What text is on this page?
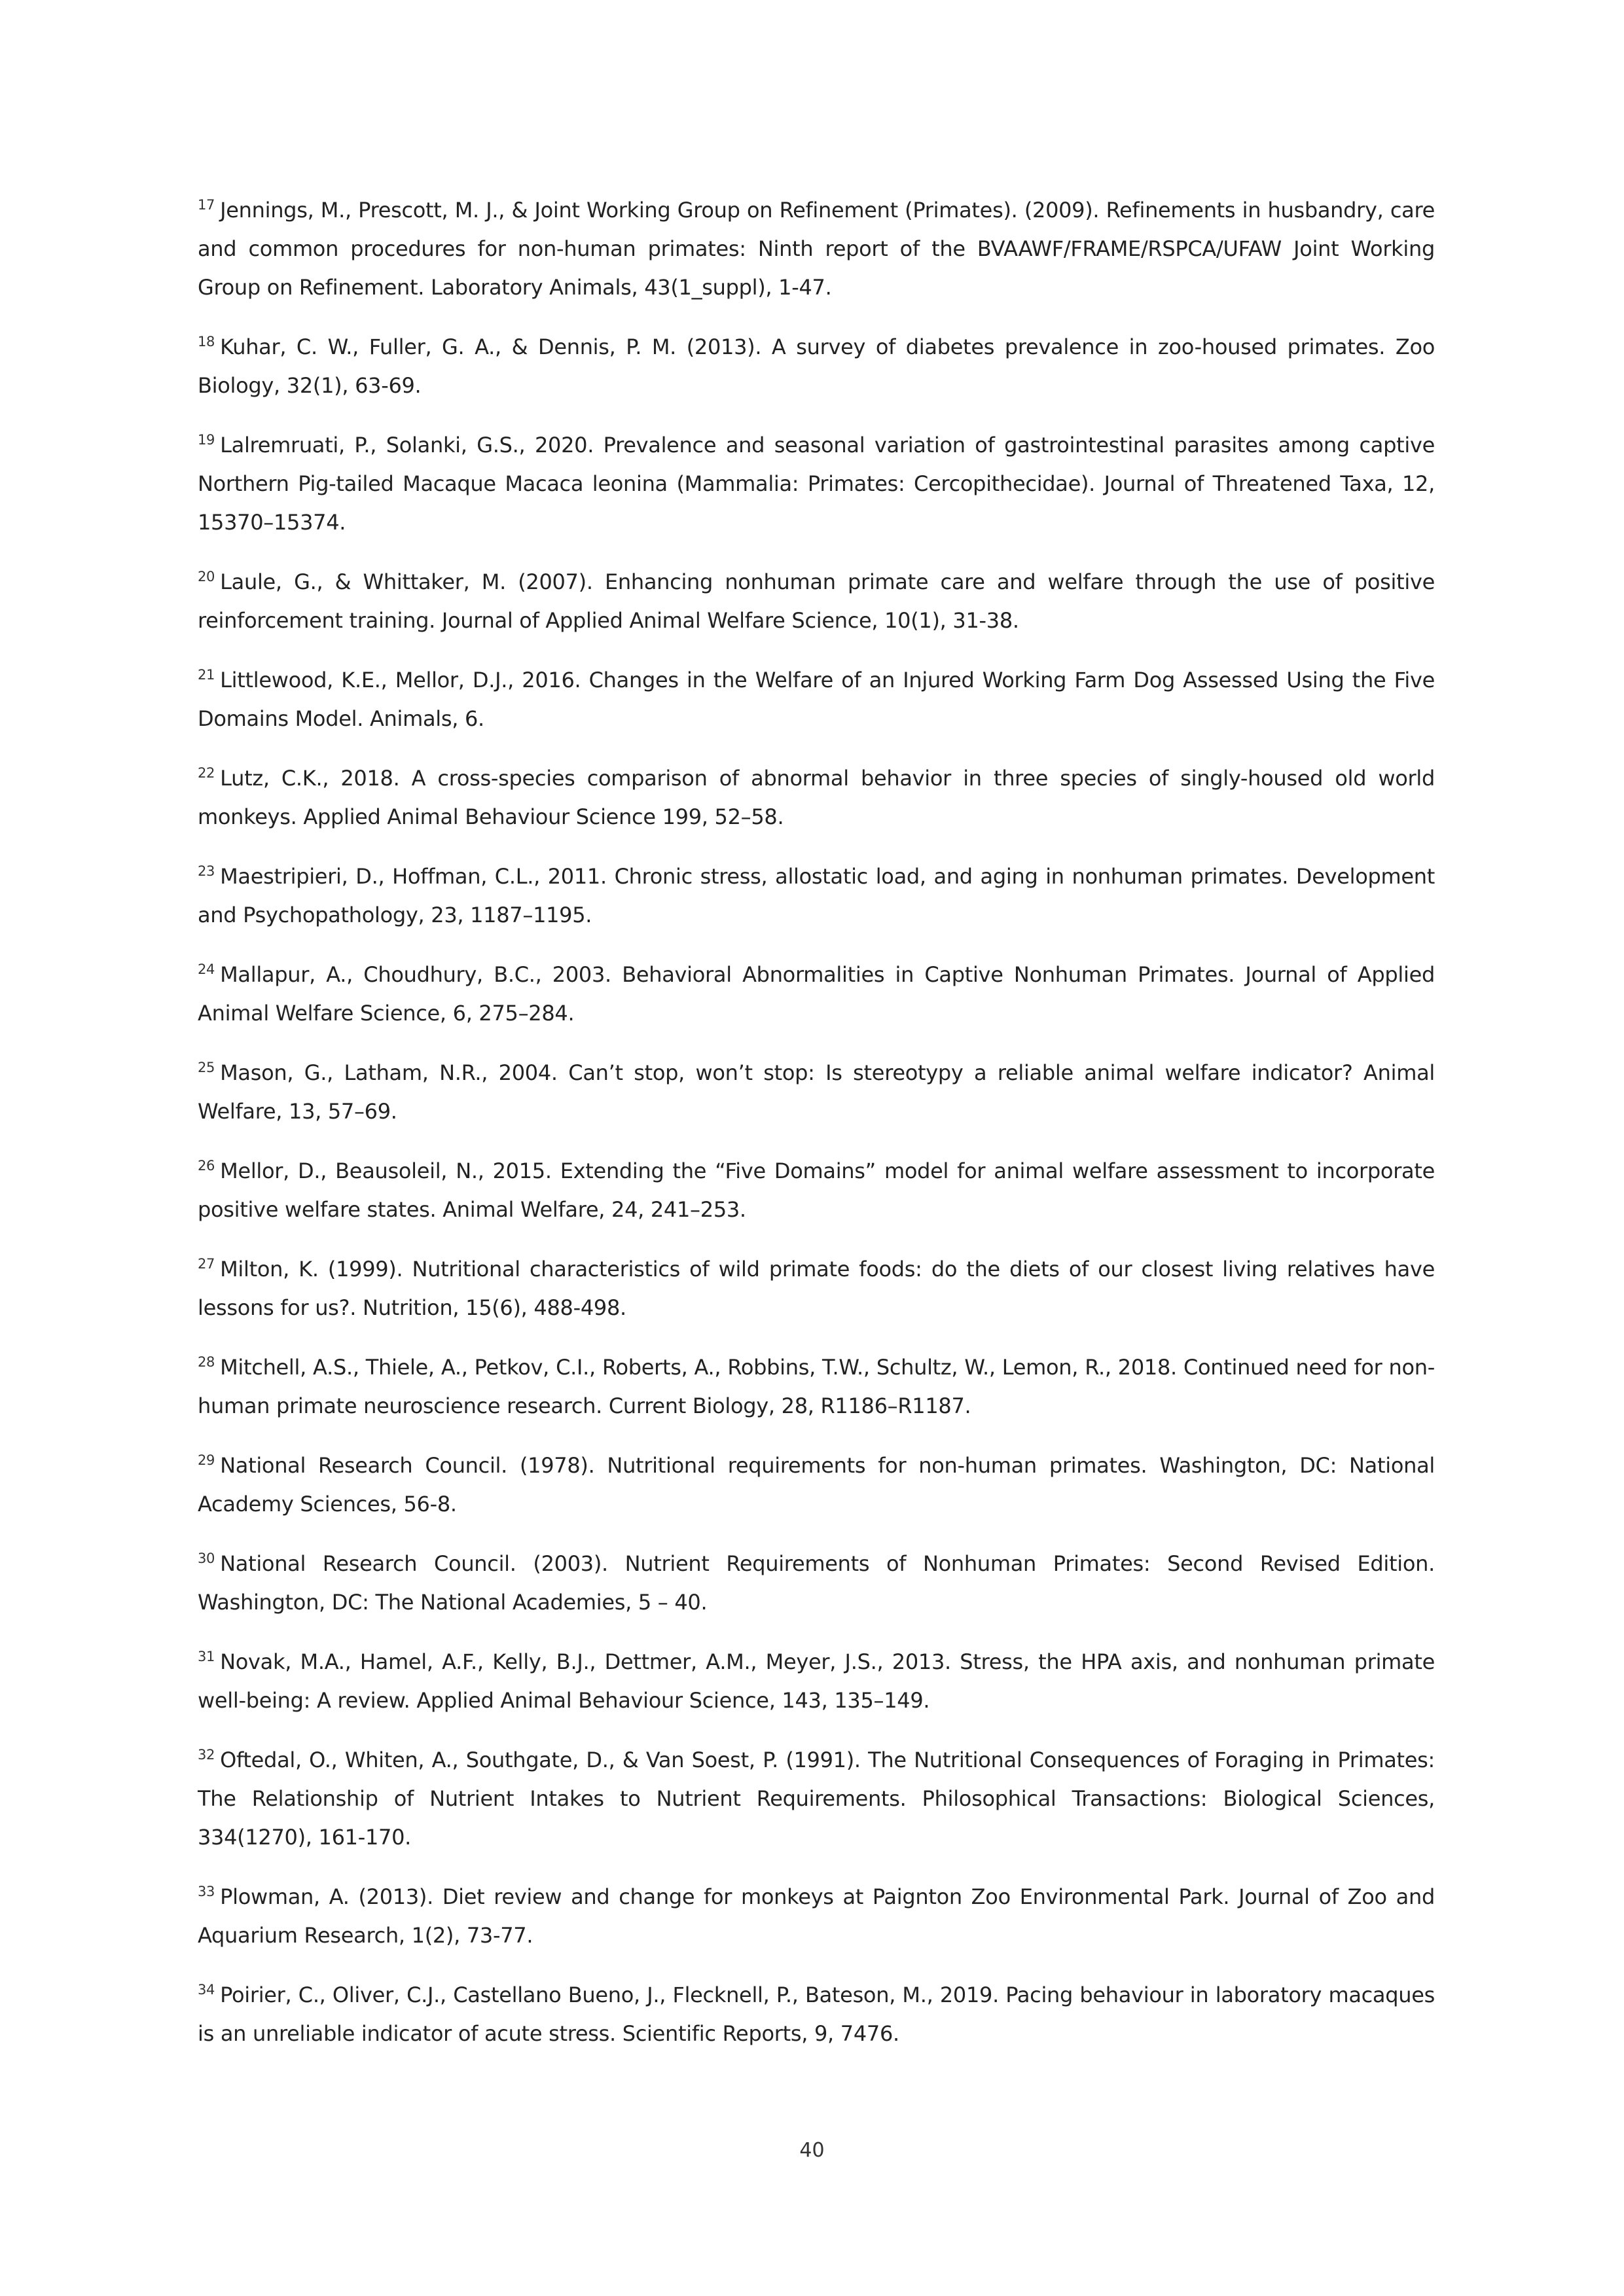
$^{17}$ Jennings, M., Prescott, M. J., & Joint Working Group on Refinement (Primates). (2009). Refinements in husbandry, care and common procedures for non-human primates: Ninth report of the BVAAWF/FRAME/RSPCA/UFAW Joint Working Group on Refinement. Laboratory Animals, 43(1_suppl), 1-47.
$^{18}$ Kuhar, C. W., Fuller, G. A., & Dennis, P. M. (2013). A survey of diabetes prevalence in zoo-housed primates. Zoo Biology, 32(1), 63-69.
$^{19}$ Lalremruati, P., Solanki, G.S., 2020. Prevalence and seasonal variation of gastrointestinal parasites among captive Northern Pig-tailed Macaque Macaca leonina (Mammalia: Primates: Cercopithecidae). Journal of Threatened Taxa, 12, 15370–15374.
$^{20}$ Laule, G., & Whittaker, M. (2007). Enhancing nonhuman primate care and welfare through the use of positive reinforcement training. Journal of Applied Animal Welfare Science, 10(1), 31-38.
$^{21}$ Littlewood, K.E., Mellor, D.J., 2016. Changes in the Welfare of an Injured Working Farm Dog Assessed Using the Five Domains Model. Animals, 6.
$^{22}$ Lutz, C.K., 2018. A cross-species comparison of abnormal behavior in three species of singly-housed old world monkeys. Applied Animal Behaviour Science 199, 52–58.
$^{23}$ Maestripieri, D., Hoffman, C.L., 2011. Chronic stress, allostatic load, and aging in nonhuman primates. Development and Psychopathology, 23, 1187–1195.
$^{24}$ Mallapur, A., Choudhury, B.C., 2003. Behavioral Abnormalities in Captive Nonhuman Primates. Journal of Applied Animal Welfare Science, 6, 275–284.
$^{25}$ Mason, G., Latham, N.R., 2004. Can’t stop, won’t stop: Is stereotypy a reliable animal welfare indicator? Animal Welfare, 13, 57–69.
$^{26}$ Mellor, D., Beausoleil, N., 2015. Extending the “Five Domains” model for animal welfare assessment to incorporate positive welfare states. Animal Welfare, 24, 241–253.
$^{27}$ Milton, K. (1999). Nutritional characteristics of wild primate foods: do the diets of our closest living relatives have lessons for us?. Nutrition, 15(6), 488-498.
$^{28}$ Mitchell, A.S., Thiele, A., Petkov, C.I., Roberts, A., Robbins, T.W., Schultz, W., Lemon, R., 2018. Continued need for non-human primate neuroscience research. Current Biology, 28, R1186–R1187.
$^{29}$ National Research Council. (1978). Nutritional requirements for non-human primates. Washington, DC: National Academy Sciences, 56-8.
$^{30}$ National Research Council. (2003). Nutrient Requirements of Nonhuman Primates: Second Revised Edition. Washington, DC: The National Academies, 5 – 40.
$^{31}$ Novak, M.A., Hamel, A.F., Kelly, B.J., Dettmer, A.M., Meyer, J.S., 2013. Stress, the HPA axis, and nonhuman primate well-being: A review. Applied Animal Behaviour Science, 143, 135–149.
$^{32}$ Oftedal, O., Whiten, A., Southgate, D., & Van Soest, P. (1991). The Nutritional Consequences of Foraging in Primates: The Relationship of Nutrient Intakes to Nutrient Requirements. Philosophical Transactions: Biological Sciences, 334(1270), 161-170.
$^{33}$ Plowman, A. (2013). Diet review and change for monkeys at Paignton Zoo Environmental Park. Journal of Zoo and Aquarium Research, 1(2), 73-77.
$^{34}$ Poirier, C., Oliver, C.J., Castellano Bueno, J., Flecknell, P., Bateson, M., 2019. Pacing behaviour in laboratory macaques is an unreliable indicator of acute stress. Scientific Reports, 9, 7476.
40
